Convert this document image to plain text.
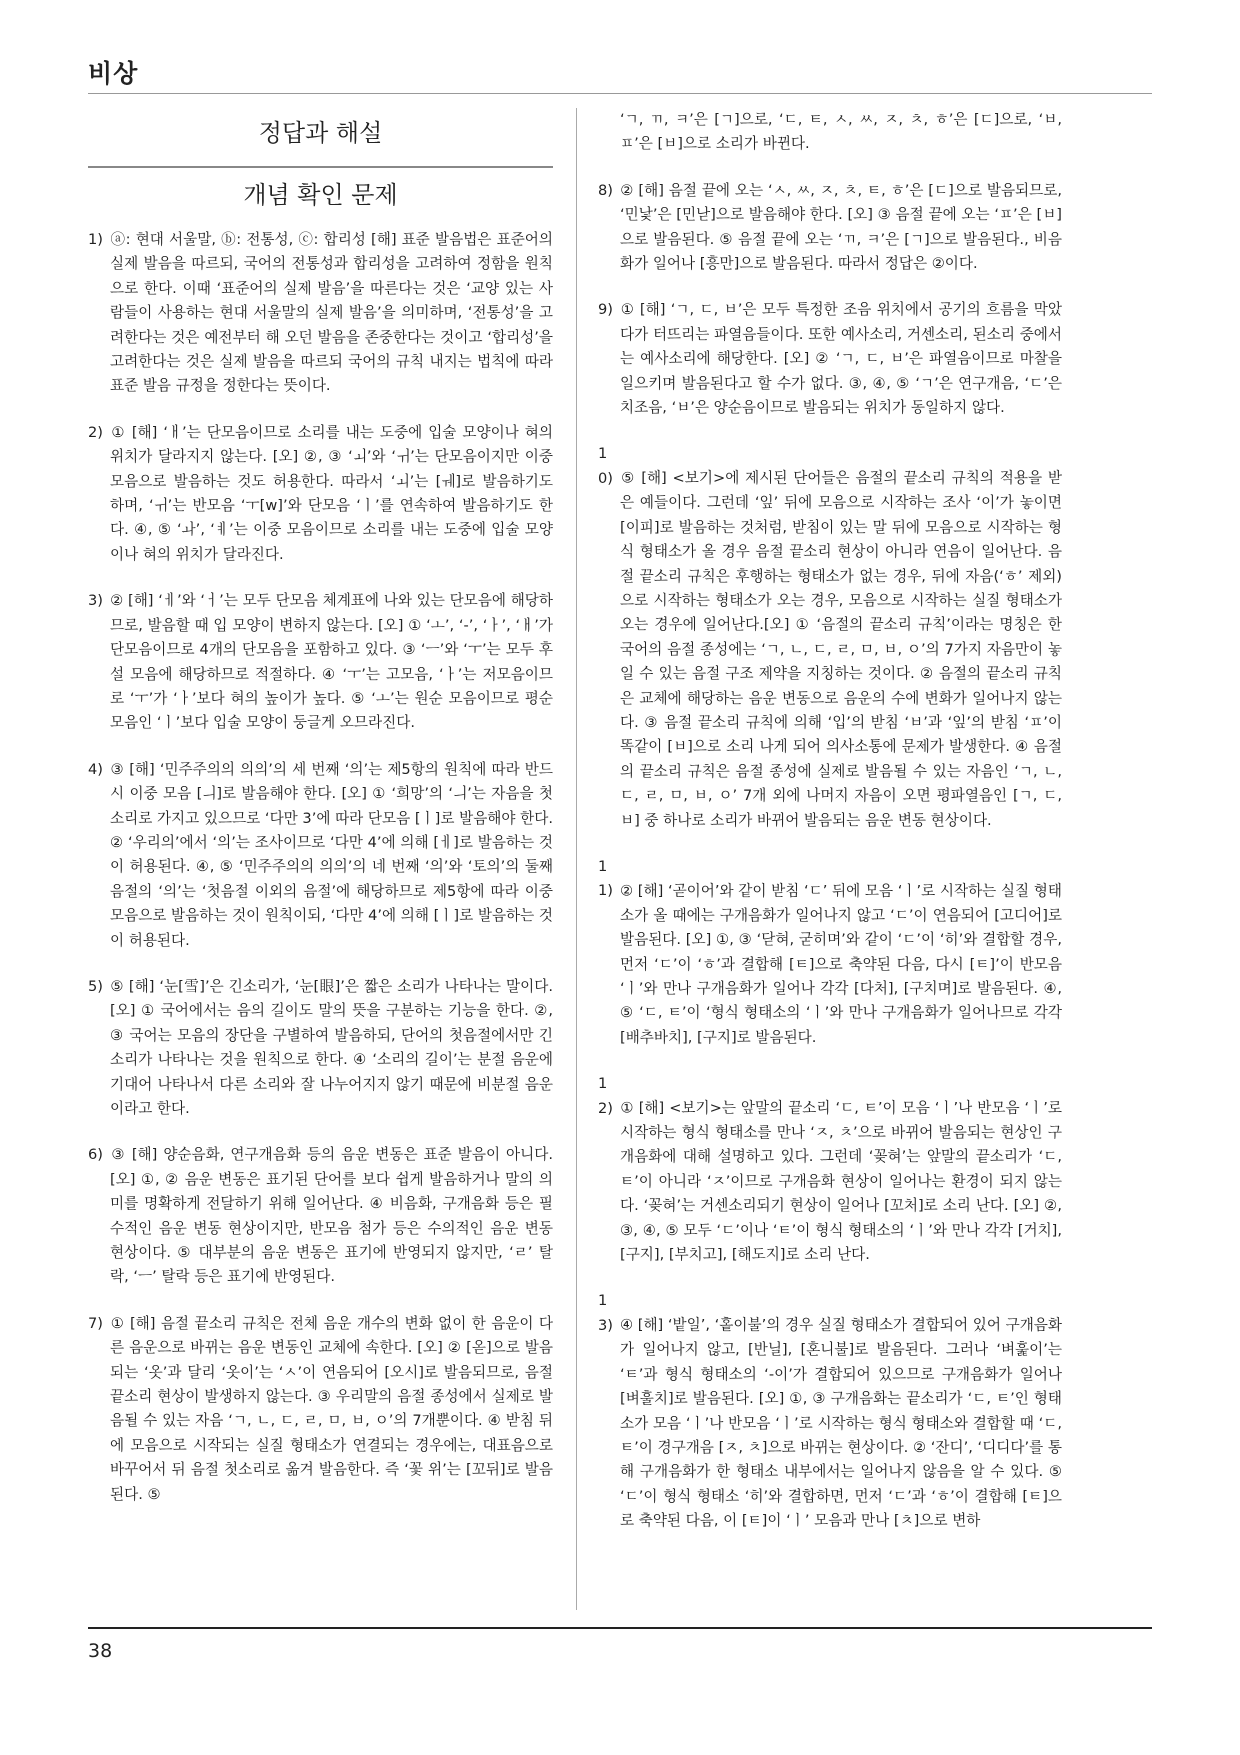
비상
정답과 해설
개념 확인 문제
1) ⓐ: 현대 서울말, ⓑ: 전통성, ⓒ: 합리성 [해] 표준 발음법은 표준어의 실제 발음을 따르되, 국어의 전통성과 합리성을 고려하여 정함을 원칙으로 한다. 이때 ‘표준어의 실제 발음’을 따른다는 것은 ‘교양 있는 사람들이 사용하는 현대 서울말의 실제 발음’을 의미하며, ‘전통성’을 고려한다는 것은 예전부터 해 오던 발음을 존중한다는 것이고 ‘합리성’을 고려한다는 것은 실제 발음을 따르되 국어의 규칙 내지는 법칙에 따라 표준 발음 규정을 정한다는 뜻이다.
2) ① [해] ‘ㅐ’는 단모음이므로 소리를 내는 도중에 입술 모양이나 혀의 위치가 달라지지 않는다. [오] ②, ③ ‘ㅚ’와 ‘ㅟ’는 단모음이지만 이중 모음으로 발음하는 것도 허용한다. 따라서 ‘ㅚ’는 [ㅞ]로 발음하기도 하며, ‘ㅟ’는 반모음 ‘ㅜ[w]’와 단모음 ‘ㅣ’를 연속하여 발음하기도 한다. ④, ⑤ ‘ㅘ’, ‘ㅖ’는 이중 모음이므로 소리를 내는 도중에 입술 모양이나 혀의 위치가 달라진다.
3) ② [해] ‘ㅔ’와 ‘ㅓ’는 모두 단모음 체계표에 나와 있는 단모음에 해당하므로, 발음할 때 입 모양이 변하지 않는다. [오] ① ‘ㅗ’, ‘-’, ‘ㅏ’, ‘ㅐ’가 단모음이므로 4개의 단모음을 포함하고 있다. ③ ‘ㅡ’와 ‘ㅜ’는 모두 후설 모음에 해당하므로 적절하다. ④ ‘ㅜ’는 고모음, ‘ㅏ’는 저모음이므로 ‘ㅜ’가 ‘ㅏ’보다 혀의 높이가 높다. ⑤ ‘ㅗ’는 원순 모음이므로 평순 모음인 ‘ㅣ’보다 입술 모양이 둥글게 오므라진다.
4) ③ [해] ‘민주주의의 의의’의 세 번째 ‘의’는 제5항의 원칙에 따라 반드시 이중 모음 [ㅢ]로 발음해야 한다. [오] ① ‘희망’의 ‘ㅢ’는 자음을 첫소리로 가지고 있으므로 ‘다만 3’에 따라 단모음 [ㅣ]로 발음해야 한다. ② ‘우리의’에서 ‘의’는 조사이므로 ‘다만 4’에 의해 [ㅔ]로 발음하는 것이 허용된다. ④, ⑤ ‘민주주의의 의의’의 네 번째 ‘의’와 ‘토의’의 둘째 음절의 ‘의’는 ‘첫음절 이외의 음절’에 해당하므로 제5항에 따라 이중 모음으로 발음하는 것이 원칙이되, ‘다만 4’에 의해 [ㅣ]로 발음하는 것이 허용된다.
5) ⑤ [해] ‘눈[雪]’은 긴소리가, ‘눈[眼]’은 짧은 소리가 나타나는 말이다. [오] ① 국어에서는 음의 길이도 말의 뜻을 구분하는 기능을 한다. ②, ③ 국어는 모음의 장단을 구별하여 발음하되, 단어의 첫음절에서만 긴소리가 나타나는 것을 원칙으로 한다. ④ ‘소리의 길이’는 분절 음운에 기대어 나타나서 다른 소리와 잘 나누어지지 않기 때문에 비분절 음운이라고 한다.
6) ③ [해] 양순음화, 연구개음화 등의 음운 변동은 표준 발음이 아니다. [오] ①, ② 음운 변동은 표기된 단어를 보다 쉽게 발음하거나 말의 의미를 명확하게 전달하기 위해 일어난다. ④ 비음화, 구개음화 등은 필수적인 음운 변동 현상이지만, 반모음 첨가 등은 수의적인 음운 변동 현상이다. ⑤ 대부분의 음운 변동은 표기에 반영되지 않지만, ‘ㄹ’ 탈락, ‘ㅡ’ 탈락 등은 표기에 반영된다.
7) ① [해] 음절 끝소리 규칙은 전체 음운 개수의 변화 없이 한 음운이 다른 음운으로 바뀌는 음운 변동인 교체에 속한다. [오] ② [옫]으로 발음되는 ‘옷’과 달리 ‘옷이’는 ‘ㅅ’이 연음되어 [오시]로 발음되므로, 음절 끝소리 현상이 발생하지 않는다. ③ 우리말의 음절 종성에서 실제로 발음될 수 있는 자음 ‘ㄱ, ㄴ, ㄷ, ㄹ, ㅁ, ㅂ, ㅇ’의 7개뿐이다. ④ 받침 뒤에 모음으로 시작되는 실질 형태소가 연결되는 경우에는, 대표음으로 바꾸어서 뒤 음절 첫소리로 옮겨 발음한다. 즉 ‘꽃 위’는 [꼬뒤]로 발음된다. ⑤
‘ㄱ, ㄲ, ㅋ’은 [ㄱ]으로, ‘ㄷ, ㅌ, ㅅ, ㅆ, ㅈ, ㅊ, ㅎ’은 [ㄷ]으로, ‘ㅂ, ㅍ’은 [ㅂ]으로 소리가 바뀐다.
8) ② [해] 음절 끝에 오는 ‘ㅅ, ㅆ, ㅈ, ㅊ, ㅌ, ㅎ’은 [ㄷ]으로 발음되므로, ‘민낯’은 [민낟]으로 발음해야 한다. [오] ③ 음절 끝에 오는 ‘ㅍ’은 [ㅂ]으로 발음된다. ⑤ 음절 끝에 오는 ‘ㄲ, ㅋ’은 [ㄱ]으로 발음된다., 비음화가 일어나 [흥만]으로 발음된다. 따라서 정답은 ②이다.
9) ① [해] ‘ㄱ, ㄷ, ㅂ’은 모두 특정한 조음 위치에서 공기의 흐름을 막았다가 터뜨리는 파열음들이다. 또한 예사소리, 거센소리, 된소리 중에서는 예사소리에 해당한다. [오] ② ‘ㄱ, ㄷ, ㅂ’은 파열음이므로 마찰을 일으키며 발음된다고 할 수가 없다. ③, ④, ⑤ ‘ㄱ’은 연구개음, ‘ㄷ’은 치조음, ‘ㅂ’은 양순음이므로 발음되는 위치가 동일하지 않다.
10) ⑤ [해] <보기>에 제시된 단어들은 음절의 끝소리 규칙의 적용을 받은 예들이다. 그런데 ‘잎’ 뒤에 모음으로 시작하는 조사 ‘이’가 놓이면 [이피]로 발음하는 것처럼, 받침이 있는 말 뒤에 모음으로 시작하는 형식 형태소가 올 경우 음절 끝소리 현상이 아니라 연음이 일어난다. 음절 끝소리 규칙은 후행하는 형태소가 없는 경우, 뒤에 자음(‘ㅎ’ 제외)으로 시작하는 형태소가 오는 경우, 모음으로 시작하는 실질 형태소가 오는 경우에 일어난다.[오] ① ‘음절의 끝소리 규칙’이라는 명칭은 한국어의 음절 종성에는 ‘ㄱ, ㄴ, ㄷ, ㄹ, ㅁ, ㅂ, ㅇ’의 7가지 자음만이 놓일 수 있는 음절 구조 제약을 지칭하는 것이다. ② 음절의 끝소리 규칙은 교체에 해당하는 음운 변동으로 음운의 수에 변화가 일어나지 않는다. ③ 음절 끝소리 규칙에 의해 ‘입’의 받침 ‘ㅂ’과 ‘잎’의 받침 ‘ㅍ’이 똑같이 [ㅂ]으로 소리 나게 되어 의사소통에 문제가 발생한다. ④ 음절의 끝소리 규칙은 음절 종성에 실제로 발음될 수 있는 자음인 ‘ㄱ, ㄴ, ㄷ, ㄹ, ㅁ, ㅂ, ㅇ’ 7개 외에 나머지 자음이 오면 평파열음인 [ㄱ, ㄷ, ㅂ] 중 하나로 소리가 바뀌어 발음되는 음운 변동 현상이다.
11) ② [해] ‘곧이어’와 같이 받침 ‘ㄷ’ 뒤에 모음 ‘ㅣ’로 시작하는 실질 형태소가 올 때에는 구개음화가 일어나지 않고 ‘ㄷ’이 연음되어 [고디어]로 발음된다. [오] ①, ③ ‘닫혀, 굳히며’와 같이 ‘ㄷ’이 ‘히’와 결합할 경우, 먼저 ‘ㄷ’이 ‘ㅎ’과 결합해 [ㅌ]으로 축약된 다음, 다시 [ㅌ]’이 반모음 ‘ㅣ’와 만나 구개음화가 일어나 각각 [다처], [구치며]로 발음된다. ④, ⑤ ‘ㄷ, ㅌ’이 ‘형식 형태소의 ‘ㅣ’와 만나 구개음화가 일어나므로 각각 [배추바치], [구지]로 발음된다.
12) ① [해] <보기>는 앞말의 끝소리 ‘ㄷ, ㅌ’이 모음 ‘ㅣ’나 반모음 ‘ㅣ’로 시작하는 형식 형태소를 만나 ‘ㅈ, ㅊ’으로 바뀌어 발음되는 현상인 구개음화에 대해 설명하고 있다. 그런데 ‘꽂혀’는 앞말의 끝소리가 ‘ㄷ, ㅌ’이 아니라 ‘ㅈ’이므로 구개음화 현상이 일어나는 환경이 되지 않는다. ‘꽂혀’는 거센소리되기 현상이 일어나 [꼬처]로 소리 난다. [오] ②, ③, ④, ⑤ 모두 ‘ㄷ’이나 ‘ㅌ’이 형식 형태소의 ‘ㅣ’와 만나 각각 [거치], [구지], [부치고], [해도지]로 소리 난다.
13) ④ [해] ‘밭일’, ‘홑이불’의 경우 실질 형태소가 결합되어 있어 구개음화가 일어나지 않고, [반닐], [혼니불]로 발음된다. 그러나 ‘벼훑이’는 ‘ㅌ’과 형식 형태소의 ‘-이’가 결합되어 있으므로 구개음화가 일어나 [벼훌치]로 발음된다. [오] ①, ③ 구개음화는 끝소리가 ‘ㄷ, ㅌ’인 형태소가 모음 ‘ㅣ’나 반모음 ‘ㅣ’로 시작하는 형식 형태소와 결합할 때 ‘ㄷ, ㅌ’이 경구개음 [ㅈ, ㅊ]으로 바뀌는 현상이다. ② ‘잔디’, ‘디디다’를 통해 구개음화가 한 형태소 내부에서는 일어나지 않음을 알 수 있다. ⑤ ‘ㄷ’이 형식 형태소 ‘히’와 결합하면, 먼저 ‘ㄷ’과 ‘ㅎ’이 결합해 [ㅌ]으로 축약된 다음, 이 [ㅌ]이 ‘ㅣ’ 모음과 만나 [ㅊ]으로 변하
38
